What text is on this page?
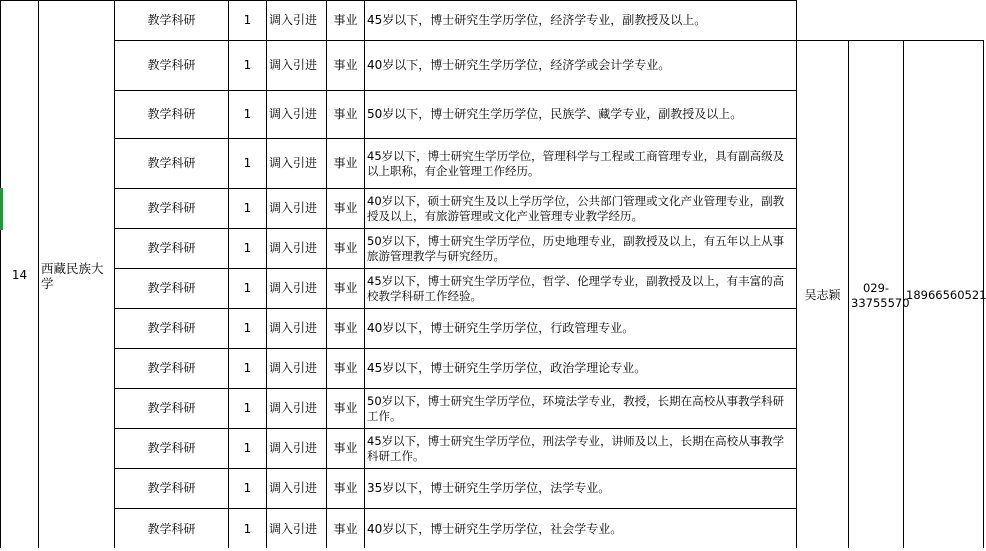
14	西藏民族大学	教学科研	1	调入引进	事业	45岁以下，博士研究生学历学位，经济学专业，副教授及以上。			
		教学科研	1	调入引进	事业	40岁以下，博士研究生学历学位，经济学或会计学专业。	吴志颖	029-33755570	18966560521
		教学科研	1	调入引进	事业	50岁以下，博士研究生学历学位，民族学、藏学专业，副教授及以上。			
		教学科研	1	调入引进	事业	45岁以下，博士研究生学历学位，管理科学与工程或工商管理专业，具有副高级及以上职称，有企业管理工作经历。			
		教学科研	1	调入引进	事业	40岁以下，硕士研究生及以上学历学位，公共部门管理或文化产业管理专业，副教授及以上，有旅游管理或文化产业管理专业教学经历。			
		教学科研	1	调入引进	事业	50岁以下，博士研究生学历学位，历史地理专业，副教授及以上，有五年以上从事旅游管理教学与研究经历。			
		教学科研	1	调入引进	事业	45岁以下，博士研究生学历学位，哲学、伦理学专业，副教授及以上，有丰富的高校教学科研工作经验。			
		教学科研	1	调入引进	事业	40岁以下，博士研究生学历学位，行政管理专业。			
		教学科研	1	调入引进	事业	45岁以下，博士研究生学历学位，政治学理论专业。			
		教学科研	1	调入引进	事业	50岁以下，博士研究生学历学位，环境法学专业，教授，长期在高校从事教学科研工作。			
		教学科研	1	调入引进	事业	45岁以下，博士研究生学历学位，刑法学专业，讲师及以上，长期在高校从事教学科研工作。			
		教学科研	1	调入引进	事业	35岁以下，博士研究生学历学位，法学专业。			
		教学科研	1	调入引进	事业	40岁以下，博士研究生学历学位，社会学专业。			
